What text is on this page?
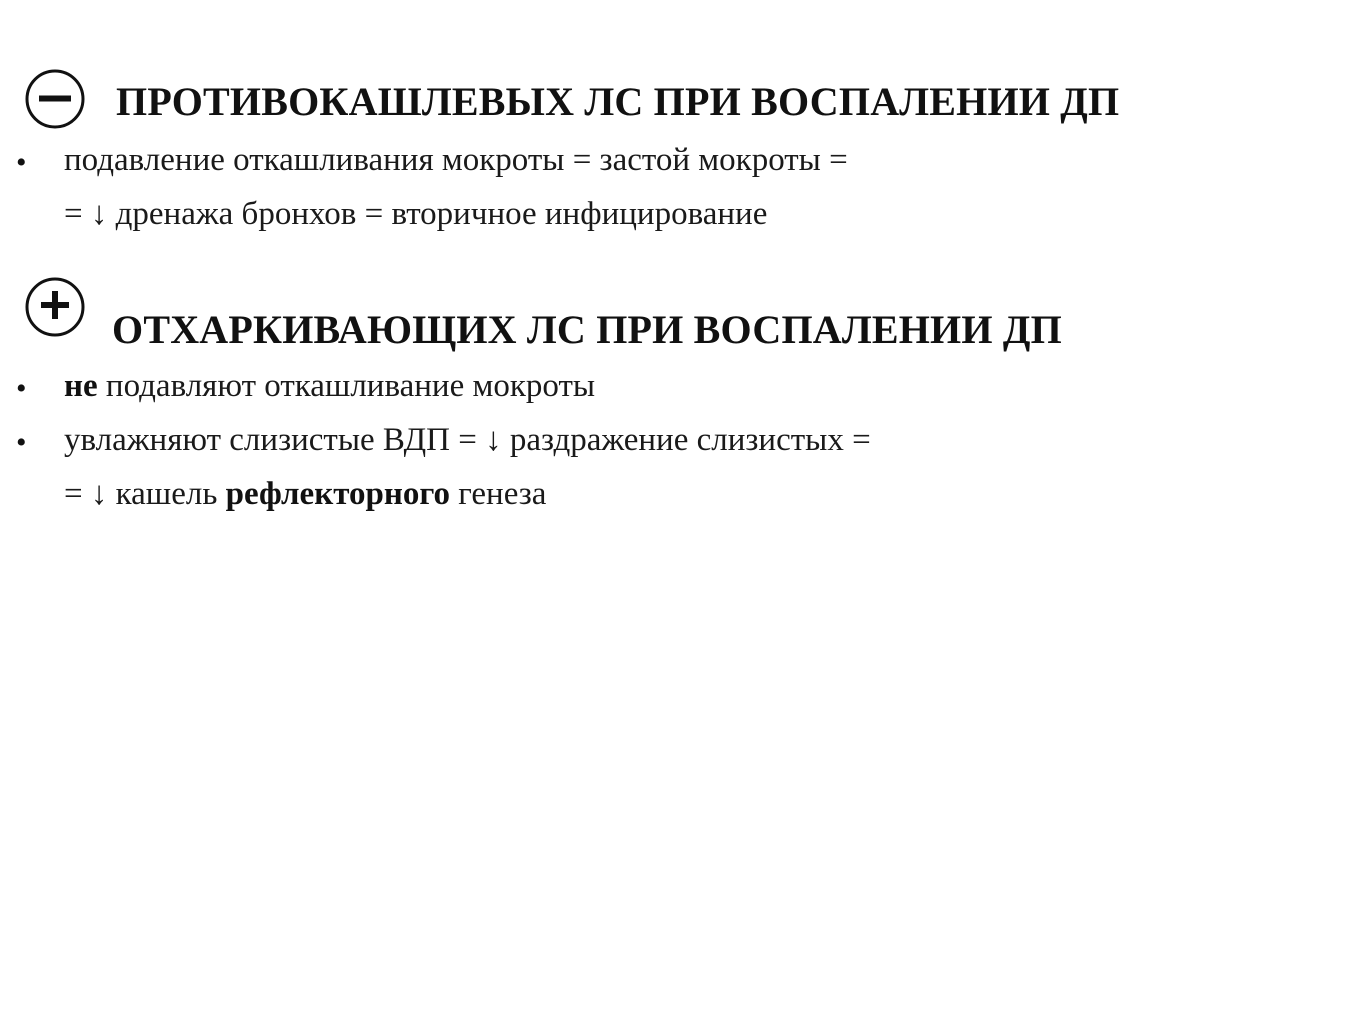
ПРОТИВОКАШЛЕВЫХ ЛС ПРИ ВОСПАЛЕНИИ ДП
• подавление откашливания мокроты = застой мокроты =
= ↓ дренажа бронхов = вторичное инфицирование
ОТХАРКИВАЮЩИХ ЛС ПРИ ВОСПАЛЕНИИ ДП
• не подавляют откашливание мокроты
• увлажняют слизистые ВДП = ↓ раздражение слизистых =
= ↓ кашель рефлекторного генеза
